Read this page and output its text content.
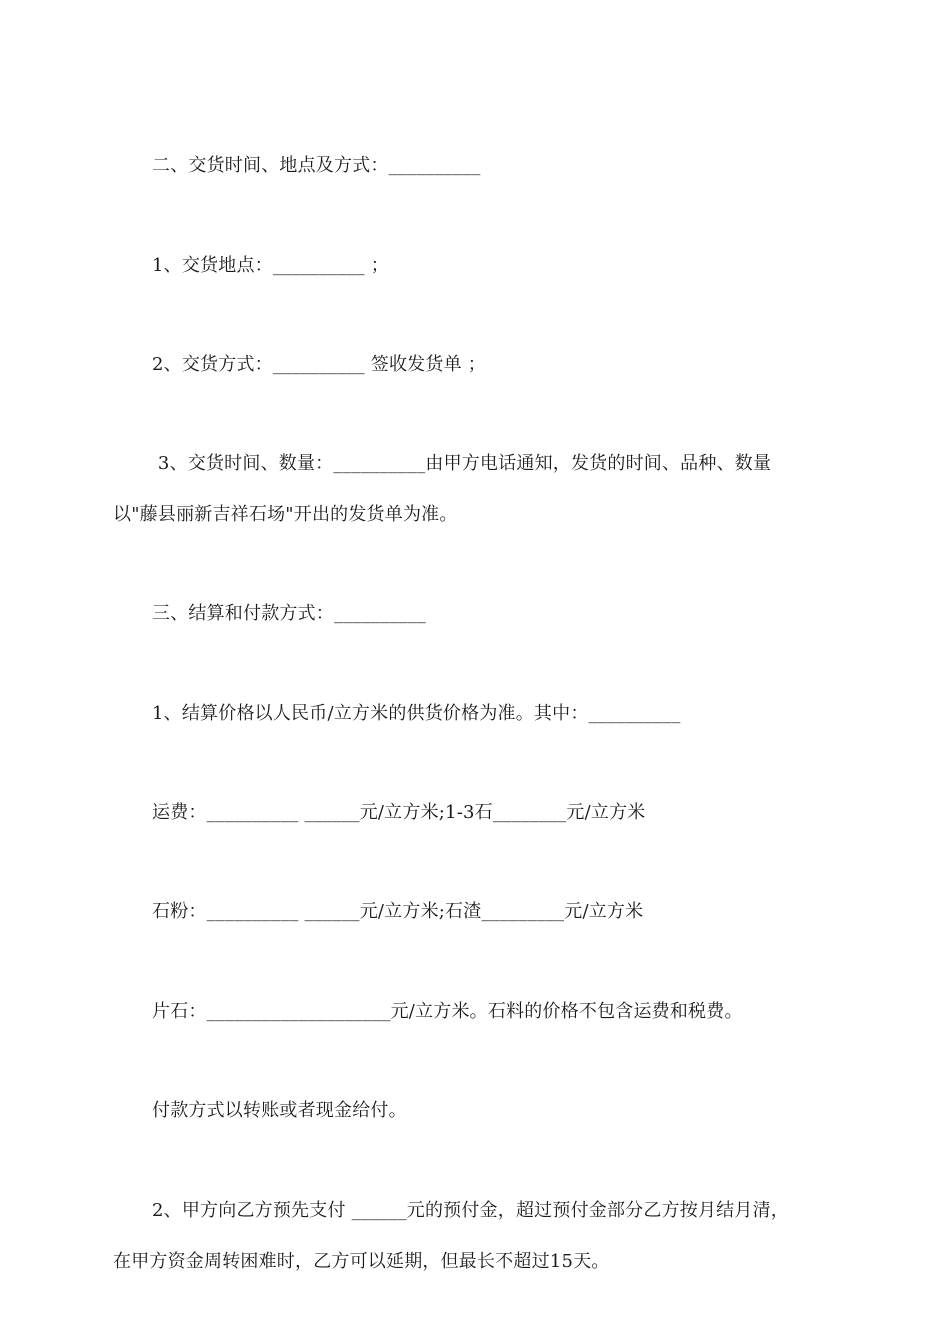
二、交货时间、地点及方式：__________
1、交货地点：__________ ；
2、交货方式：__________ 签收发货单 ；
3、交货时间、数量：__________由甲方电话通知，发货的时间、品种、数量
以"藤县丽新吉祥石场"开出的发货单为准。
三、结算和付款方式：__________
1、结算价格以人民币/立方米的供货价格为准。其中：__________
运费：__________ ______元/立方米;1-3石________元/立方米
石粉：__________ ______元/立方米;石渣_________元/立方米
片石：____________________元/立方米。石料的价格不包含运费和税费。
付款方式以转账或者现金给付。
2、甲方向乙方预先支付 ______元的预付金，超过预付金部分乙方按月结月清，
在甲方资金周转困难时，乙方可以延期，但最长不超过15天。
